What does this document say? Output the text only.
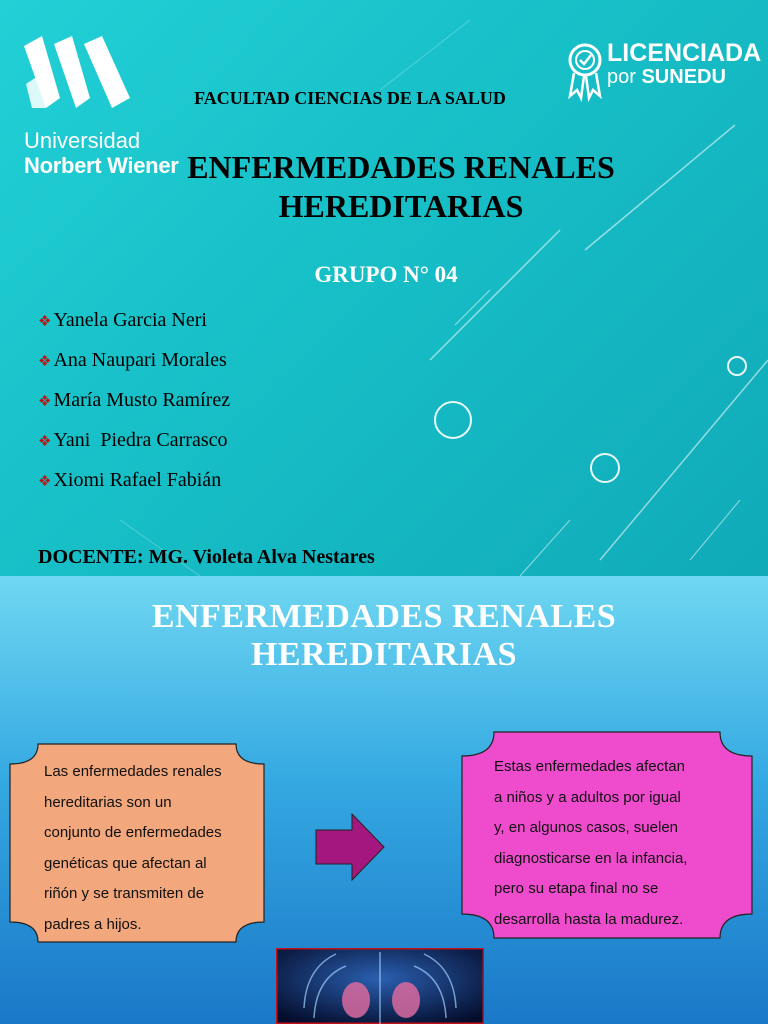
Universidad
Norbert Wiener
LICENCIADA
por SUNEDU
FACULTAD CIENCIAS DE LA SALUD
ENFERMEDADES RENALES
HEREDITARIAS
GRUPO N° 04
❖ Yanela Garcia Neri
❖ Ana Naupari Morales
❖ María Musto Ramírez
❖ Yani  Piedra Carrasco
❖ Xiomi Rafael Fabián
DOCENTE: MG. Violeta Alva Nestares
ENFERMEDADES RENALES
HEREDITARIAS
Las enfermedades renales
hereditarias son un
conjunto de enfermedades
genéticas que afectan al
riñón y se transmiten de
padres a hijos.
Estas enfermedades afectan
a niños y a adultos por igual
y, en algunos casos, suelen
diagnosticarse en la infancia,
pero su etapa final no se
desarrolla hasta la madurez.
